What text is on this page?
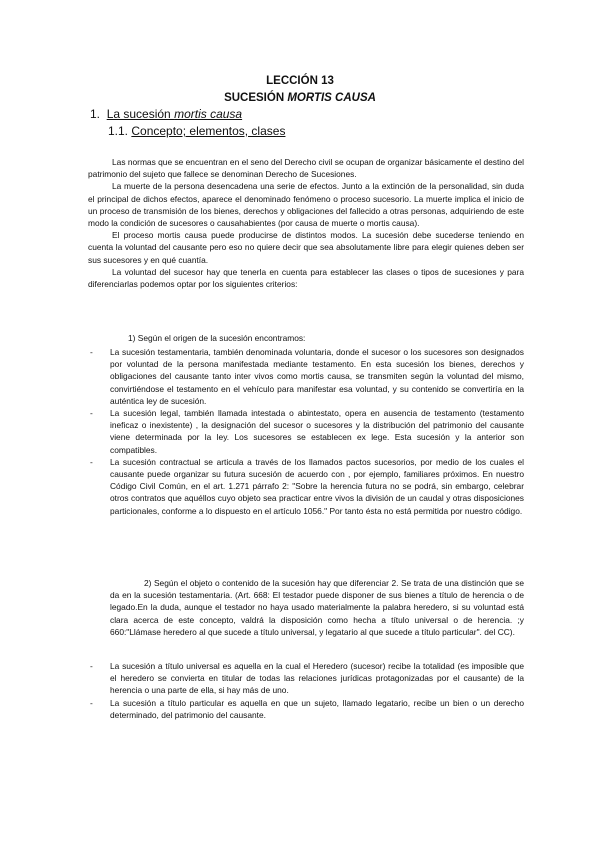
LECCIÓN 13
SUCESIÓN MORTIS CAUSA
1. La sucesión mortis causa
1.1. Concepto; elementos, clases

Las normas que se encuentran en el seno del Derecho civil se ocupan de organizar básicamente el destino del patrimonio del sujeto que fallece se denominan Derecho de Sucesiones.

La muerte de la persona desencadena una serie de efectos. Junto a la extinción de la personalidad, sin duda el principal de dichos efectos, aparece el denominado fenómeno o proceso sucesorio. La muerte implica el inicio de un proceso de transmisión de los bienes, derechos y obligaciones del fallecido a otras personas, adquiriendo de este modo la condición de sucesores o causahabientes (por causa de muerte o mortis causa).

El proceso mortis causa puede producirse de distintos modos. La sucesión debe sucederse teniendo en cuenta la voluntad del causante pero eso no quiere decir que sea absolutamente libre para elegir quienes deben ser sus sucesores y en qué cuantía.

La voluntad del sucesor hay que tenerla en cuenta para establecer las clases o tipos de sucesiones y para diferenciarlas podemos optar por los siguientes criterios:

1) Según el origen de la sucesión encontramos:

- La sucesión testamentaria, también denominada voluntaria, donde el sucesor o los sucesores son designados por voluntad de la persona manifestada mediante testamento. En esta sucesión los bienes, derechos y obligaciones del causante tanto inter vivos como mortis causa, se transmiten según la voluntad del mismo, convirtiéndose el testamento en el vehículo para manifestar esa voluntad, y su contenido se convertiría en la auténtica ley de sucesión.

- La sucesión legal, también llamada intestada o abintestato, opera en ausencia de testamento (testamento ineficaz o inexistente) , la designación del sucesor o sucesores y la distribución del patrimonio del causante viene determinada por la ley. Los sucesores se establecen ex lege. Esta sucesión y la anterior son compatibles.

- La sucesión contractual se articula a través de los llamados pactos sucesorios, por medio de los cuales el causante puede organizar su futura sucesión de acuerdo con , por ejemplo, familiares próximos. En nuestro Código Civil Común, en el art. 1.271 párrafo 2: "Sobre la herencia futura no se podrá, sin embargo, celebrar otros contratos que aquéllos cuyo objeto sea practicar entre vivos la división de un caudal y otras disposiciones particionales, conforme a lo dispuesto en el artículo 1056." Por tanto ésta no está permitida por nuestro código.

2) Según el objeto o contenido de la sucesión hay que diferenciar 2. Se trata de una distinción que se da en la sucesión testamentaria. (Art. 668: El testador puede disponer de sus bienes a título de herencia o de legado.En la duda, aunque el testador no haya usado materialmente la palabra heredero, si su voluntad está clara acerca de este concepto, valdrá la disposición como hecha a título universal o de herencia. ;y 660:"Llámase heredero al que sucede a título universal, y legatario al que sucede a título particular". del CC).

- La sucesión a título universal es aquella en la cual el Heredero (sucesor) recibe la totalidad (es imposible que el heredero se convierta en titular de todas las relaciones jurídicas protagonizadas por el causante) de la herencia o una parte de ella, si hay más de uno.

- La sucesión a título particular es aquella en que un sujeto, llamado legatario, recibe un bien o un derecho determinado, del patrimonio del causante.
